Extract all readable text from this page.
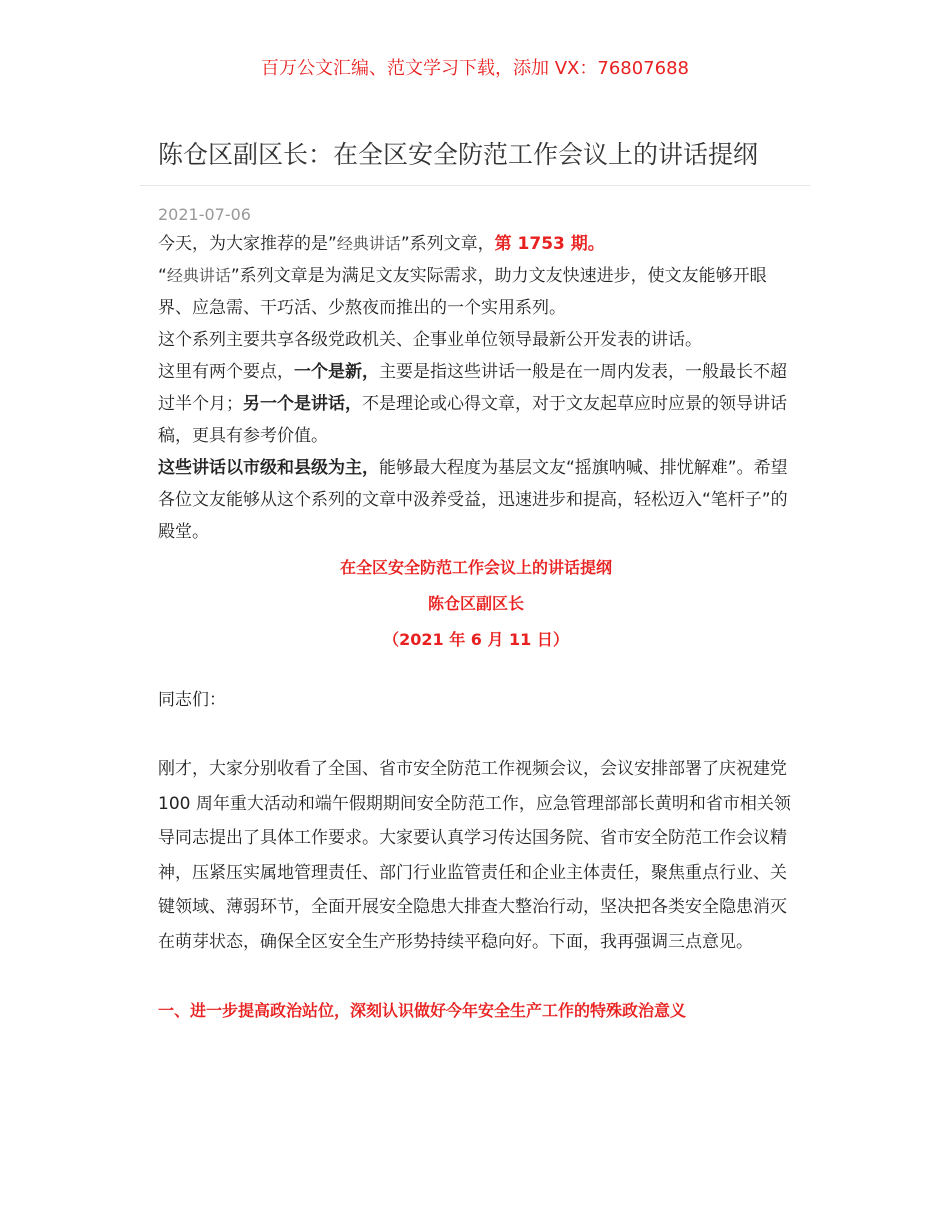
百万公文汇编、范文学习下载，添加 VX：76807688
陈仓区副区长：在全区安全防范工作会议上的讲话提纲
2021-07-06

今天，为大家推荐的是”经典讲话”系列文章，第 1753 期。

“经典讲话”系列文章是为满足文友实际需求，助力文友快速进步，使文友能够开眼界、应急需、干巧活、少熬夜而推出的一个实用系列。

这个系列主要共享各级党政机关、企事业单位领导最新公开发表的讲话。

这里有两个要点，一个是新，主要是指这些讲话一般是在一周内发表，一般最长不超过半个月；另一个是讲话，不是理论或心得文章，对于文友起草应时应景的领导讲话稿，更具有参考价值。

这些讲话以市级和县级为主，能够最大程度为基层文友“摇旗呐喊、排忧解难”。希望各位文友能够从这个系列的文章中汲养受益，迅速进步和提高，轻松迈入“笔杆子”的殿堂。

在全区安全防范工作会议上的讲话提纲

陈仓区副区长

（2021 年 6 月 11 日）

同志们：

刚才，大家分别收看了全国、省市安全防范工作视频会议，会议安排部署了庆祝建党 100 周年重大活动和端午假期期间安全防范工作，应急管理部部长黄明和省市相关领导同志提出了具体工作要求。大家要认真学习传达国务院、省市安全防范工作会议精神，压紧压实属地管理责任、部门行业监管责任和企业主体责任，聚焦重点行业、关键领域、薄弱环节，全面开展安全隐患大排查大整治行动，坚决把各类安全隐患消灭在萌芽状态，确保全区安全生产形势持续平稳向好。下面，我再强调三点意见。

一、进一步提高政治站位，深刻认识做好今年安全生产工作的特殊政治意义
